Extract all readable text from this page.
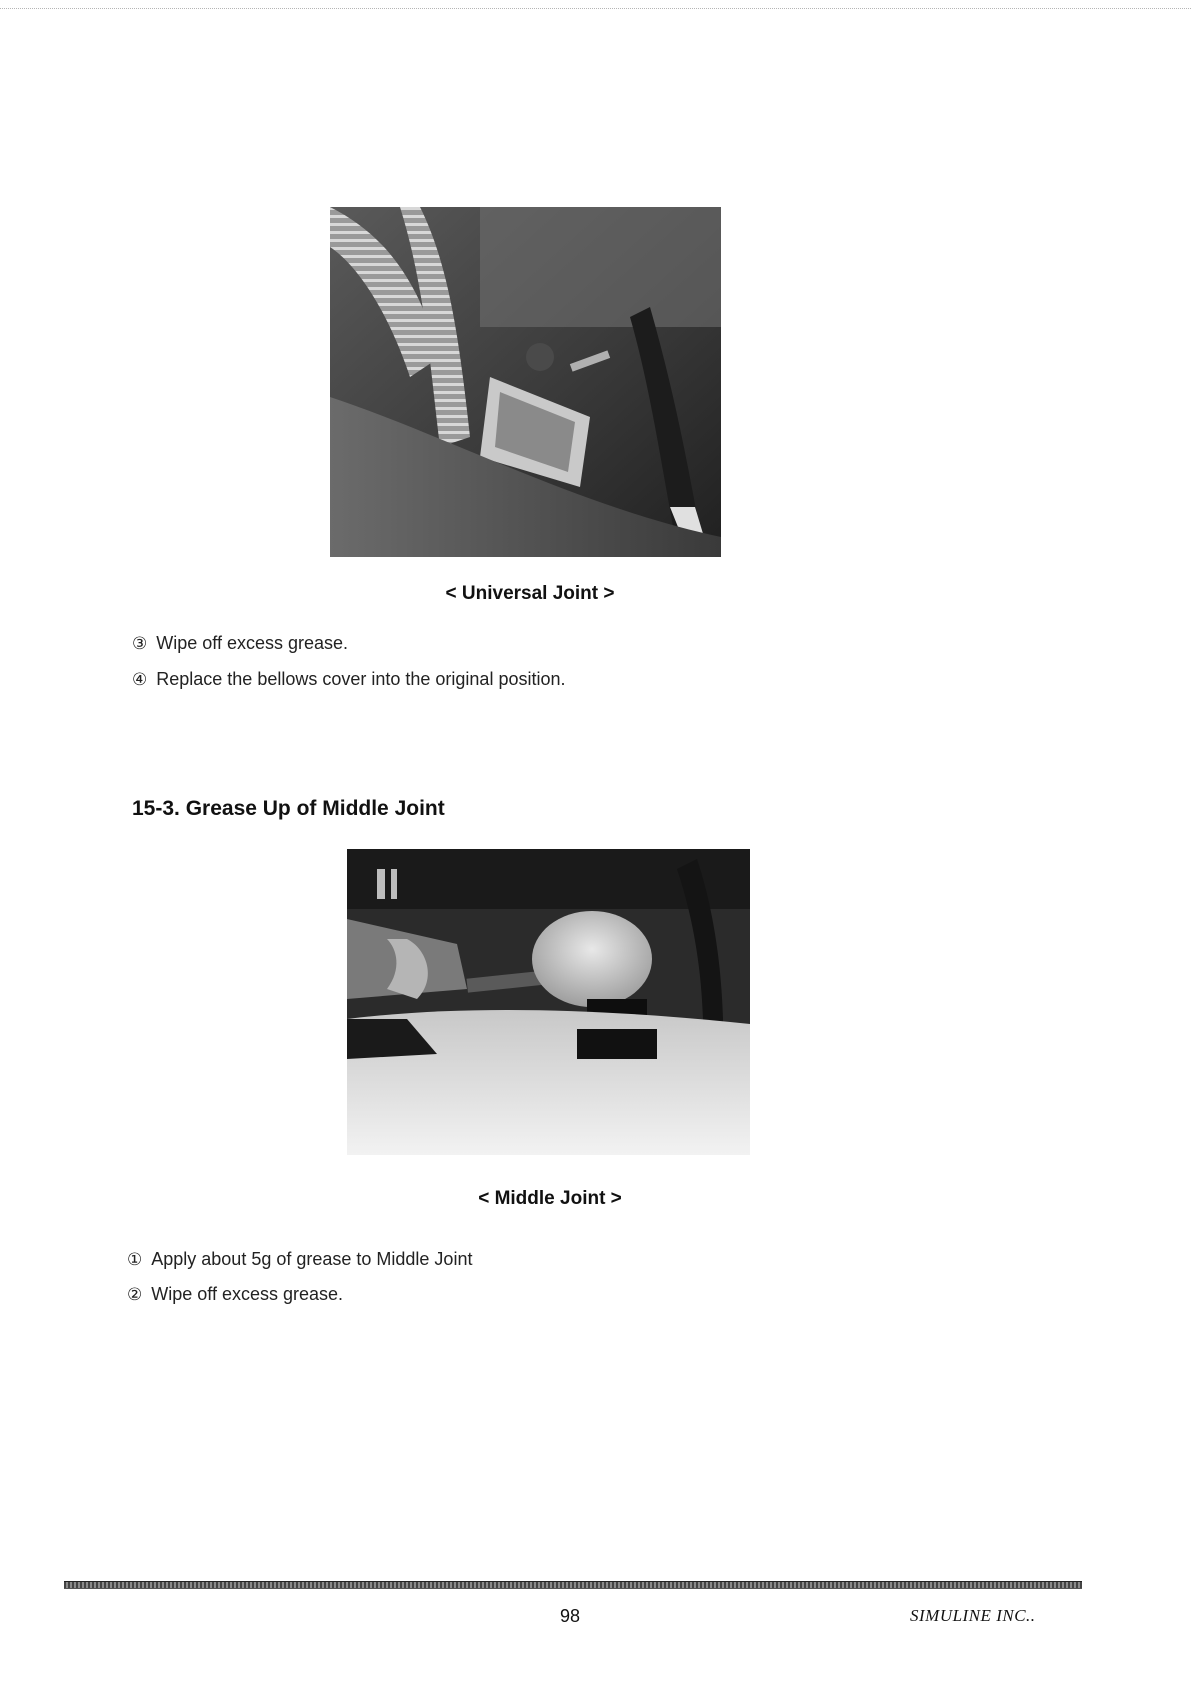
< Universal Joint >
③ Wipe off excess grease.
④ Replace the bellows cover into the original position.
15-3. Grease Up of Middle Joint
< Middle Joint >
① Apply about 5g of grease to Middle Joint
② Wipe off excess grease.
98	SIMULINE INC..
